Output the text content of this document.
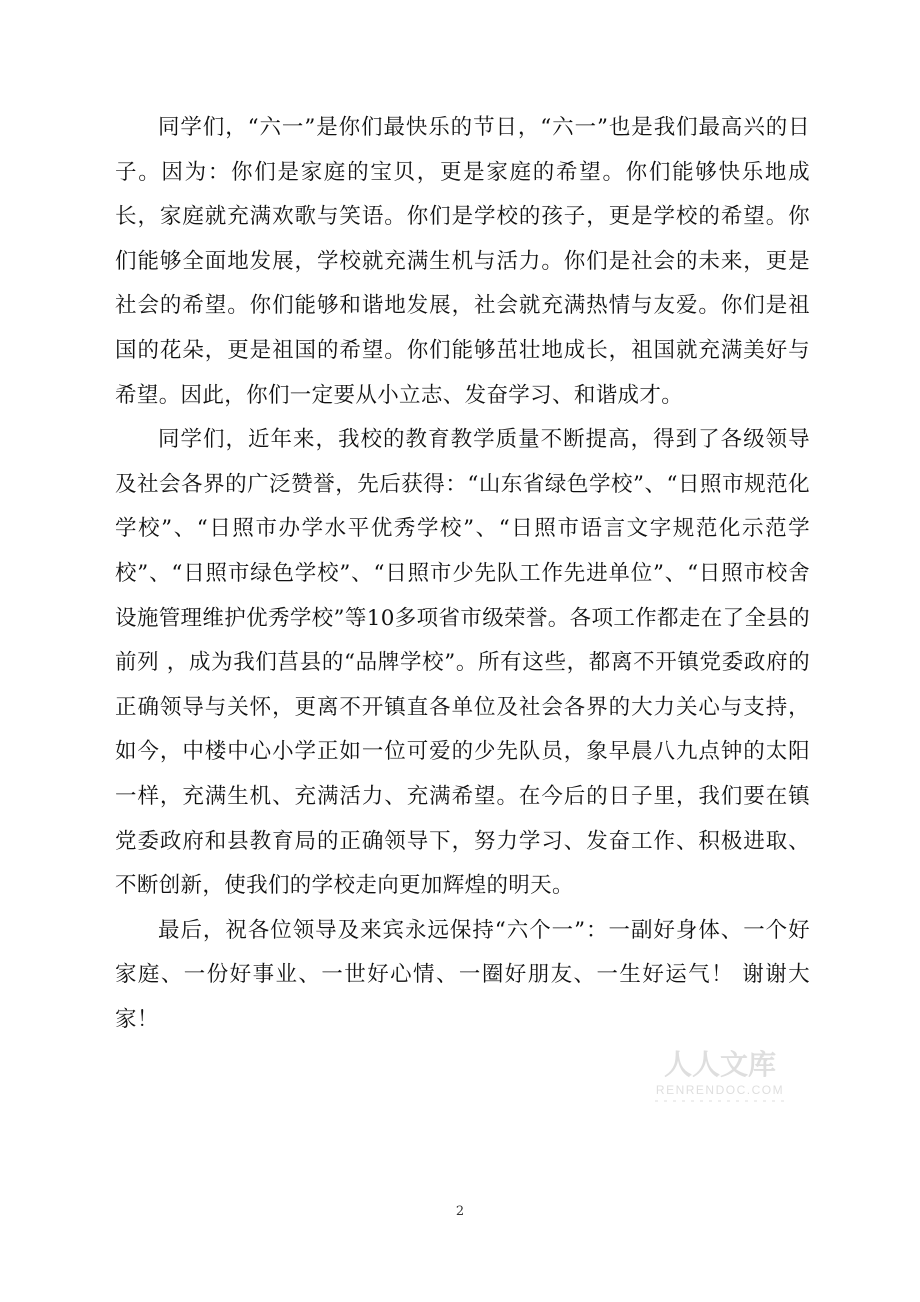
同学们，“六一”是你们最快乐的节日，“六一”也是我们最高兴的日子。因为：你们是家庭的宝贝，更是家庭的希望。你们能够快乐地成长，家庭就充满欢歌与笑语。你们是学校的孩子，更是学校的希望。你们能够全面地发展，学校就充满生机与活力。你们是社会的未来，更是社会的希望。你们能够和谐地发展，社会就充满热情与友爱。你们是祖国的花朵，更是祖国的希望。你们能够茁壮地成长，祖国就充满美好与希望。因此，你们一定要从小立志、发奋学习、和谐成才。

同学们，近年来，我校的教育教学质量不断提高，得到了各级领导及社会各界的广泛赞誉，先后获得：“山东省绿色学校”、“日照市规范化学校”、“日照市办学水平优秀学校”、“日照市语言文字规范化示范学校”、“日照市绿色学校”、“日照市少先队工作先进单位”、“日照市校舍设施管理维护优秀学校”等10多项省市级荣誉。各项工作都走在了全县的前列 ，成为我们莒县的“品牌学校”。所有这些，都离不开镇党委政府的正确领导与关怀，更离不开镇直各单位及社会各界的大力关心与支持，如今，中楼中心小学正如一位可爱的少先队员，象早晨八九点钟的太阳一样，充满生机、充满活力、充满希望。在今后的日子里，我们要在镇党委政府和县教育局的正确领导下，努力学习、发奋工作、积极进取、不断创新，使我们的学校走向更加辉煌的明天。

最后，祝各位领导及来宾永远保持“六个一”：一副好身体、一个好家庭、一份好事业、一世好心情、一圈好朋友、一生好运气！ 谢谢大家！

人人文库
RENRENDOC.COM
2
